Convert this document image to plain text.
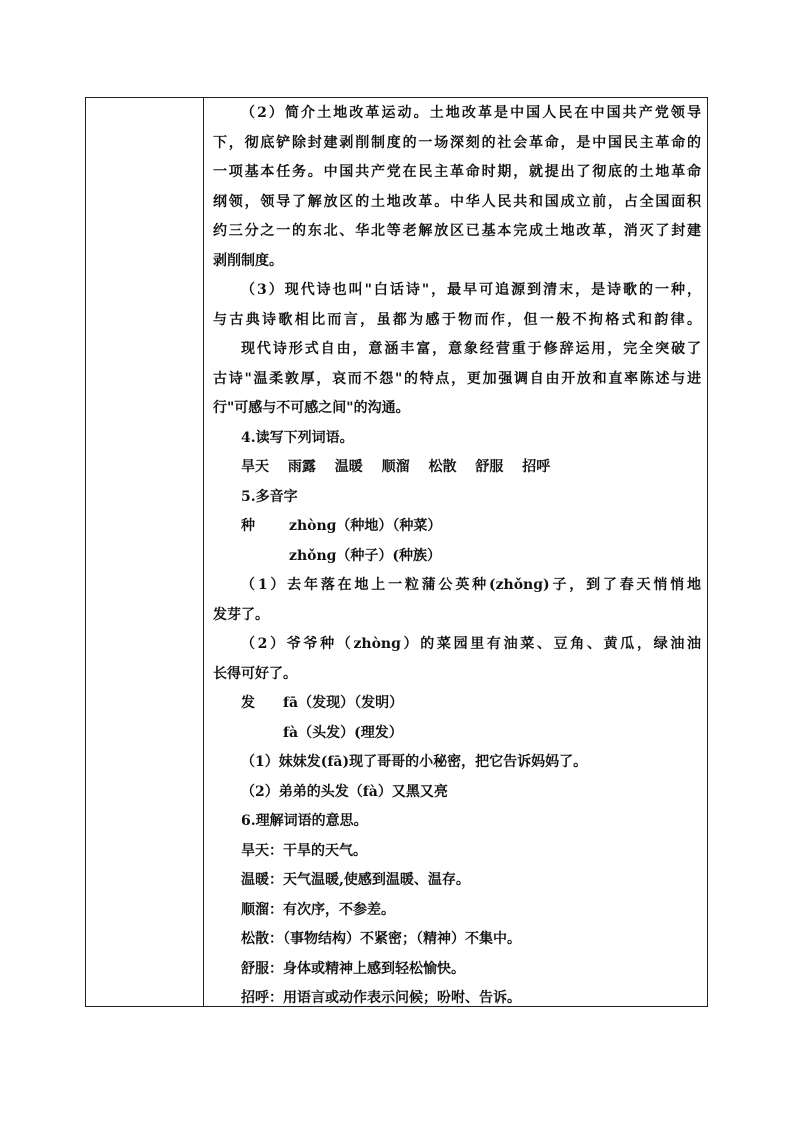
（2）简介土地改革运动。土地改革是中国人民在中国共产党领导
下，彻底铲除封建剥削制度的一场深刻的社会革命，是中国民主革命的
一项基本任务。中国共产党在民主革命时期，就提出了彻底的土地革命
纲领，领导了解放区的土地改革。中华人民共和国成立前，占全国面积
约三分之一的东北、华北等老解放区已基本完成土地改革，消灭了封建
剥削制度。
（3）现代诗也叫"白话诗"，最早可追源到清末，是诗歌的一种，
与古典诗歌相比而言，虽都为感于物而作，但一般不拘格式和韵律。
现代诗形式自由，意涵丰富，意象经营重于修辞运用，完全突破了
古诗"温柔敦厚，哀而不怨"的特点，更加强调自由开放和直率陈述与进
行"可感与不可感之间"的沟通。
4.读写下列词语。
旱天 雨露 温暖 顺溜 松散 舒服 招呼
5.多音字
种 zhònɡ（种地）（种菜）
zhǒnɡ（种子）(种族）
（1）去年落在地上一粒蒲公英种(zhǒnɡ)子，到了春天悄悄地
发芽了。
（2）爷爷种（zhònɡ）的菜园里有油菜、豆角、黄瓜，绿油油
长得可好了。
发 fā（发现）（发明）
fà（头发）(理发）
（1）妹妹发(fā)现了哥哥的小秘密，把它告诉妈妈了。
（2）弟弟的头发（fà）又黑又亮
6.理解词语的意思。
旱天：干旱的天气。
温暖：天气温暖,使感到温暖、温存。
顺溜：有次序，不参差。
松散：（事物结构）不紧密；（精神）不集中。
舒服：身体或精神上感到轻松愉快。
招呼：用语言或动作表示问候；吩咐、告诉。
